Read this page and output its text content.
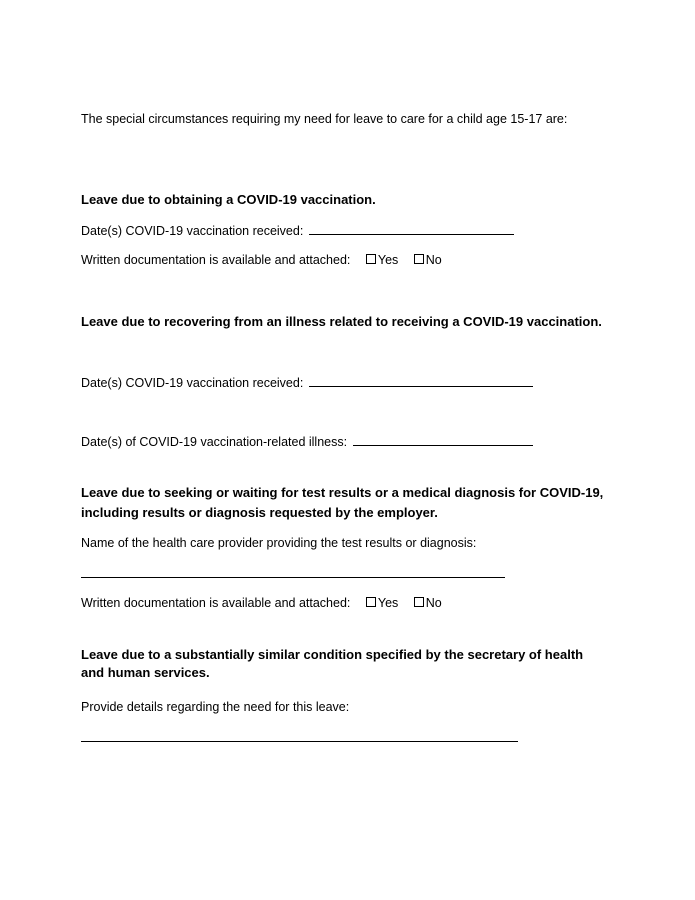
The special circumstances requiring my need for leave to care for a child age 15-17 are:
Leave due to obtaining a COVID-19 vaccination.
Date(s) COVID-19 vaccination received:
Written documentation is available and attached: Yes
No
Leave due to recovering from an illness related to receiving a COVID-19 vaccination.
Date(s) COVID-19 vaccination received:
Date(s) of COVID-19 vaccination-related illness:
Leave due to seeking or waiting for test results or a medical diagnosis for COVID-19,
including results or diagnosis requested by the employer.
Name of the health care provider providing the test results or diagnosis:
Written documentation is available and attached: Yes
No
Leave due to a substantially similar condition specified by the secretary of health
and human services.
Provide details regarding the need for this leave:
